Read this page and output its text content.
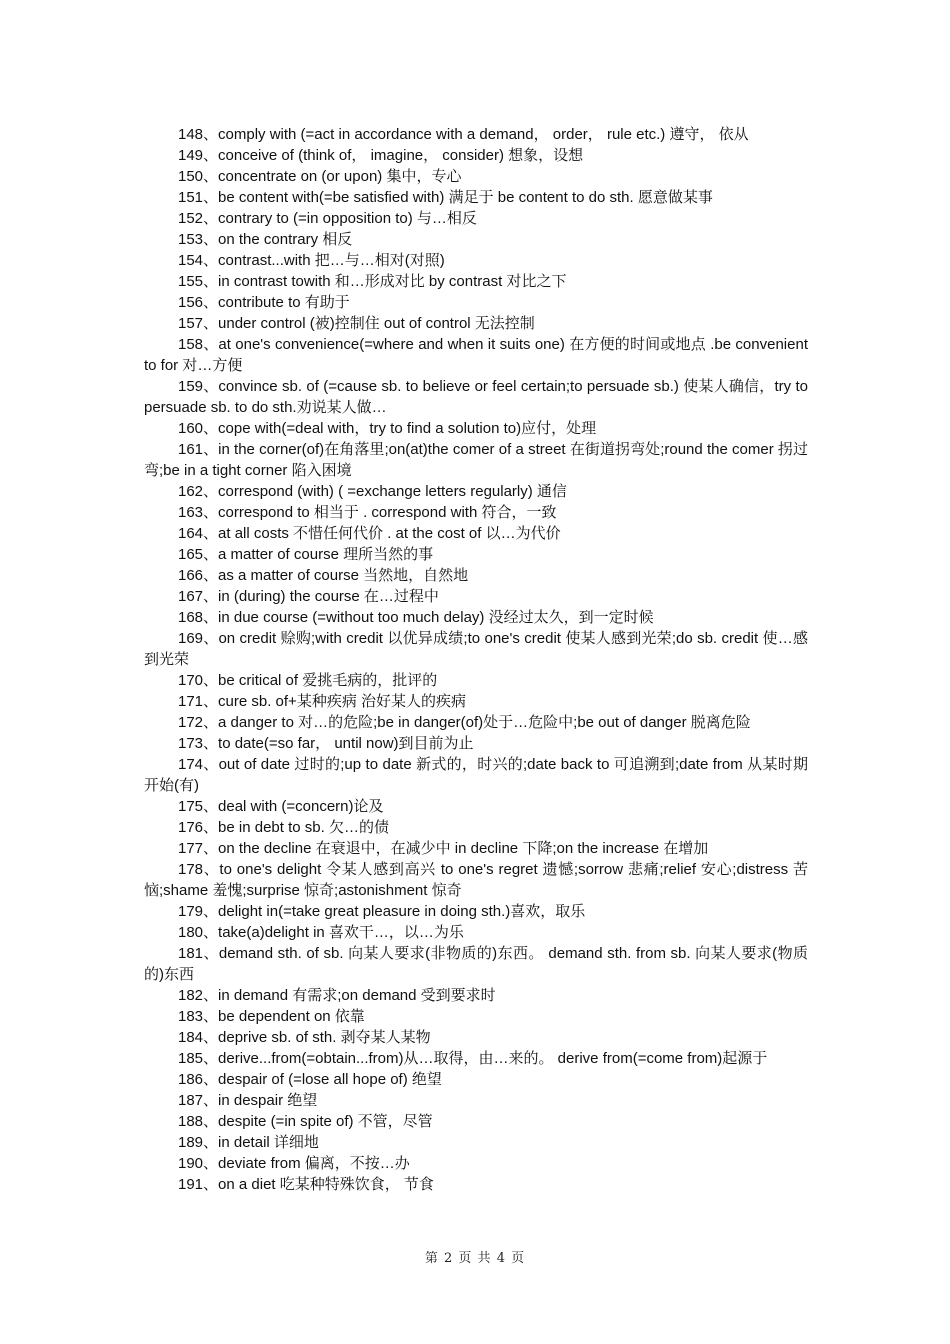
148、comply with (=act in accordance with a demand， order， rule etc.) 遵守， 依从

149、conceive of (think of， imagine， consider) 想象，设想

150、concentrate on (or upon) 集中，专心

151、be content with(=be satisfied with) 满足于 be content to do sth. 愿意做某事

152、contrary to (=in opposition to) 与…相反

153、on the contrary 相反

154、contrast...with 把…与…相对(对照)

155、in contrast towith 和…形成对比 by contrast 对比之下

156、contribute to 有助于

157、under control (被)控制住 out of control 无法控制

158、at one's convenience(=where and when it suits one) 在方便的时间或地点 .be convenient to for 对…方便

159、convince sb. of (=cause sb. to believe or feel certain;to persuade sb.) 使某人确信，try to persuade sb. to do sth.劝说某人做…

160、cope with(=deal with，try to find a solution to)应付，处理

161、in the corner(of)在角落里;on(at)the comer of a street 在街道拐弯处;round the comer 拐过弯;be in a tight corner 陷入困境

162、correspond (with) ( =exchange letters regularly) 通信

163、correspond to 相当于 . correspond with 符合，一致

164、at all costs 不惜任何代价 . at the cost of 以…为代价

165、a matter of course 理所当然的事

166、as a matter of course 当然地，自然地

167、in (during) the course 在…过程中

168、in due course (=without too much delay) 没经过太久，到一定时候

169、on credit 赊购;with credit 以优异成绩;to one's credit 使某人感到光荣;do sb. credit 使…感到光荣

170、be critical of 爱挑毛病的，批评的

171、cure sb. of+某种疾病 治好某人的疾病

172、a danger to 对…的危险;be in danger(of)处于…危险中;be out of danger 脱离危险

173、to date(=so far， until now)到目前为止

174、out of date 过时的;up to date 新式的，时兴的;date back to 可追溯到;date from 从某时期开始(有)

175、deal with (=concern)论及

176、be in debt to sb. 欠…的债

177、on the decline 在衰退中，在减少中 in decline 下降;on the increase 在增加

178、to one's delight 令某人感到高兴 to one's regret 遗憾;sorrow 悲痛;relief 安心;distress 苦恼;shame 羞愧;surprise 惊奇;astonishment 惊奇

179、delight in(=take great pleasure in doing sth.)喜欢，取乐

180、take(a)delight in 喜欢干…，以…为乐

181、demand sth. of sb. 向某人要求(非物质的)东西。 demand sth. from sb. 向某人要求(物质的)东西

182、in demand 有需求;on demand 受到要求时

183、be dependent on 依靠

184、deprive sb. of sth. 剥夺某人某物

185、derive...from(=obtain...from)从…取得，由…来的。 derive from(=come from)起源于

186、despair of (=lose all hope of) 绝望

187、in despair 绝望

188、despite (=in spite of) 不管，尽管

189、in detail 详细地

190、deviate from 偏离，不按…办

191、on a diet 吃某种特殊饮食， 节食

第 2 页 共 4 页
